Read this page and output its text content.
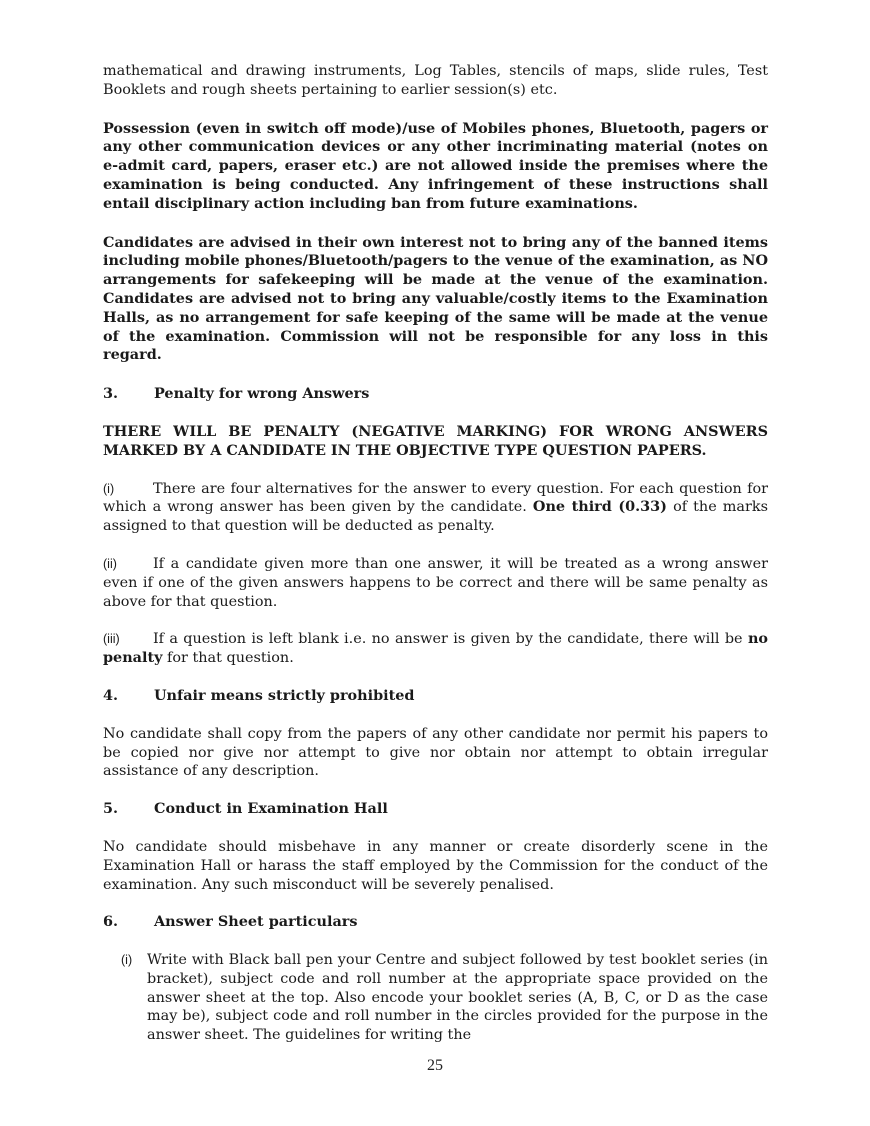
mathematical and drawing instruments, Log Tables, stencils of maps, slide rules, Test Booklets and rough sheets pertaining to earlier session(s) etc.

Possession (even in switch off mode)/use of Mobiles phones, Bluetooth, pagers or any other communication devices or any other incriminating material (notes on e-admit card, papers, eraser etc.) are not allowed inside the premises where the examination is being conducted. Any infringement of these instructions shall entail disciplinary action including ban from future examinations.

Candidates are advised in their own interest not to bring any of the banned items including mobile phones/Bluetooth/pagers to the venue of the examination, as NO arrangements for safekeeping will be made at the venue of the examination. Candidates are advised not to bring any valuable/costly items to the Examination Halls, as no arrangement for safe keeping of the same will be made at the venue of the examination. Commission will not be responsible for any loss in this regard.

3.	Penalty for wrong Answers

THERE WILL BE PENALTY (NEGATIVE MARKING) FOR WRONG ANSWERS MARKED BY A CANDIDATE IN THE OBJECTIVE TYPE QUESTION PAPERS.

(i)	There are four alternatives for the answer to every question. For each question for which a wrong answer has been given by the candidate. One third (0.33) of the marks assigned to that question will be deducted as penalty.

(ii)	If a candidate given more than one answer, it will be treated as a wrong answer even if one of the given answers happens to be correct and there will be same penalty as above for that question.

(iii) If a question is left blank i.e. no answer is given by the candidate, there will be no penalty for that question.

4.	Unfair means strictly prohibited

No candidate shall copy from the papers of any other candidate nor permit his papers to be copied nor give nor attempt to give nor obtain nor attempt to obtain irregular assistance of any description.

5.	Conduct in Examination Hall

No candidate should misbehave in any manner or create disorderly scene in the Examination Hall or harass the staff employed by the Commission for the conduct of the examination. Any such misconduct will be severely penalised.

6.	Answer Sheet particulars
(i)	Write with Black ball pen your Centre and subject followed by test booklet series (in bracket), subject code and roll number at the appropriate space provided on the answer sheet at the top. Also encode your booklet series (A, B, C, or D as the case may be), subject code and roll number in the circles provided for the purpose in the answer sheet. The guidelines for writing the

25
